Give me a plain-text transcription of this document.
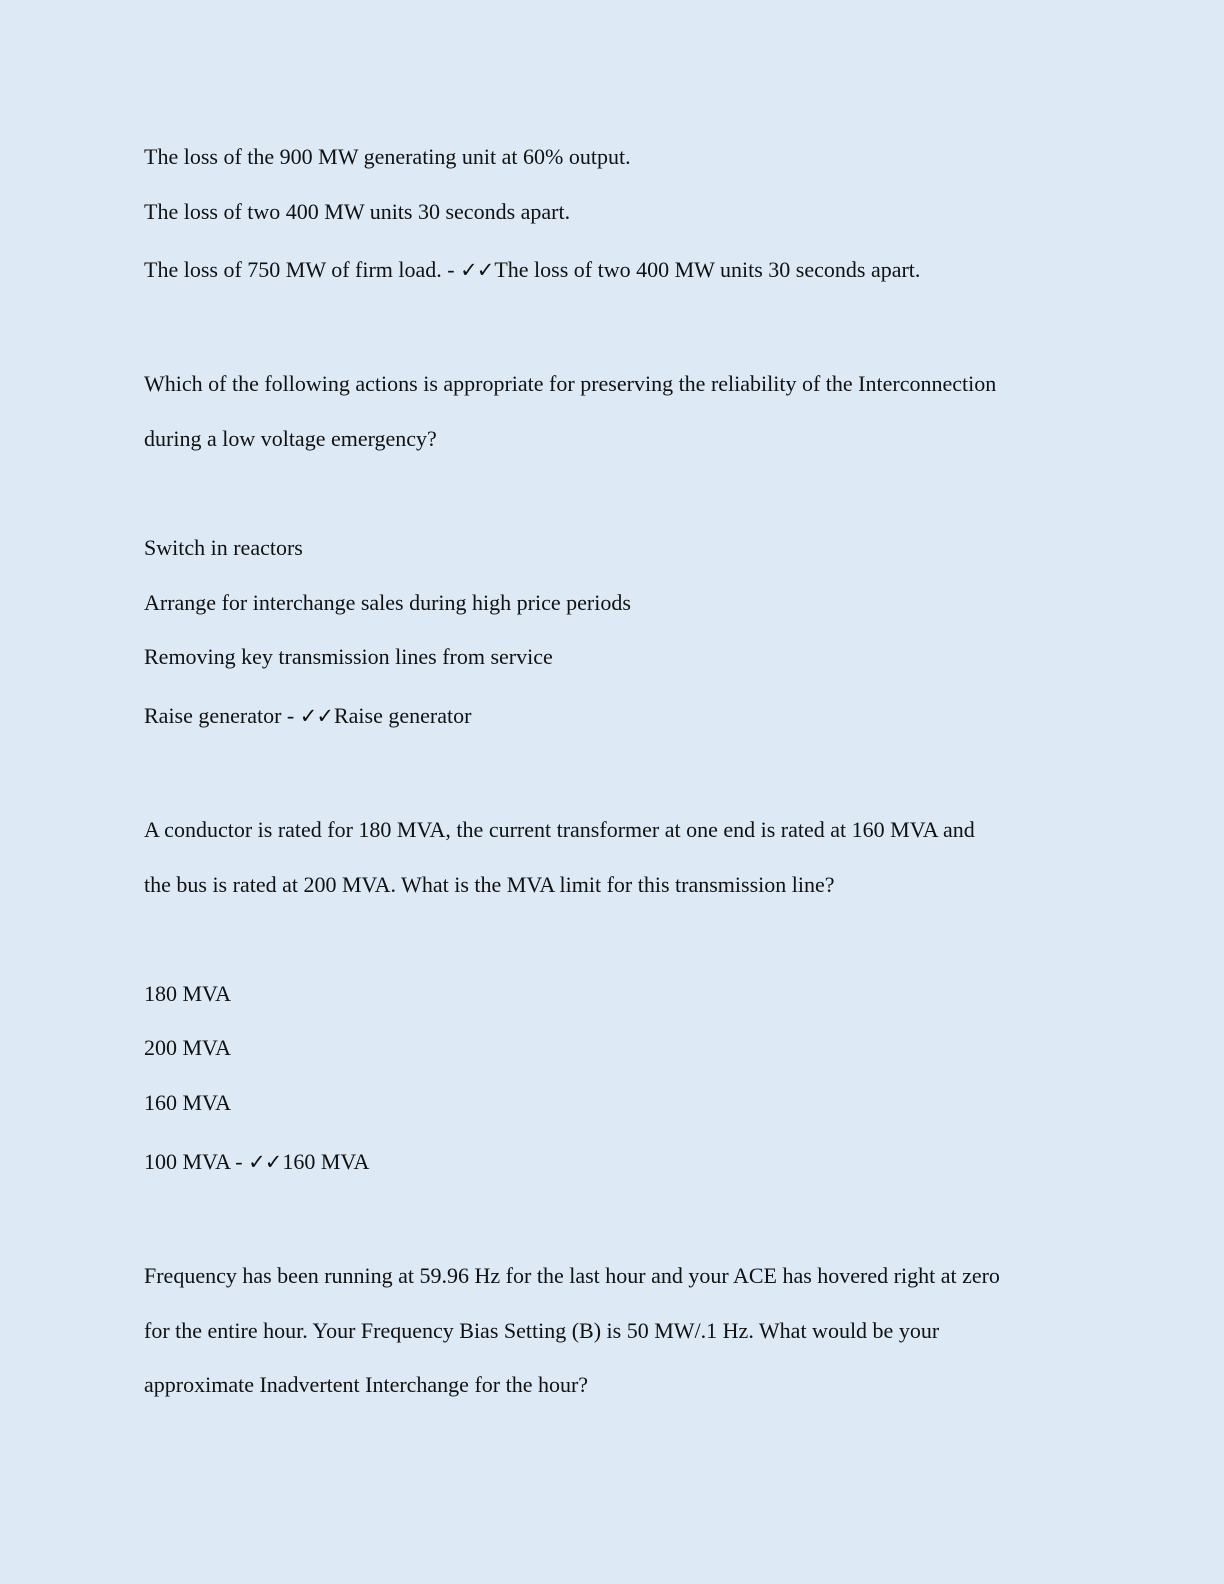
The loss of the 900 MW generating unit at 60% output.
The loss of two 400 MW units 30 seconds apart.
The loss of 750 MW of firm load. - ✓✓The loss of two 400 MW units 30 seconds apart.
Which of the following actions is appropriate for preserving the reliability of the Interconnection
during a low voltage emergency?
Switch in reactors
Arrange for interchange sales during high price periods
Removing key transmission lines from service
Raise generator - ✓✓Raise generator
A conductor is rated for 180 MVA, the current transformer at one end is rated at 160 MVA and
the bus is rated at 200 MVA. What is the MVA limit for this transmission line?
180 MVA
200 MVA
160 MVA
100 MVA - ✓✓160 MVA
Frequency has been running at 59.96 Hz for the last hour and your ACE has hovered right at zero
for the entire hour. Your Frequency Bias Setting (B) is 50 MW/.1 Hz. What would be your
approximate Inadvertent Interchange for the hour?
